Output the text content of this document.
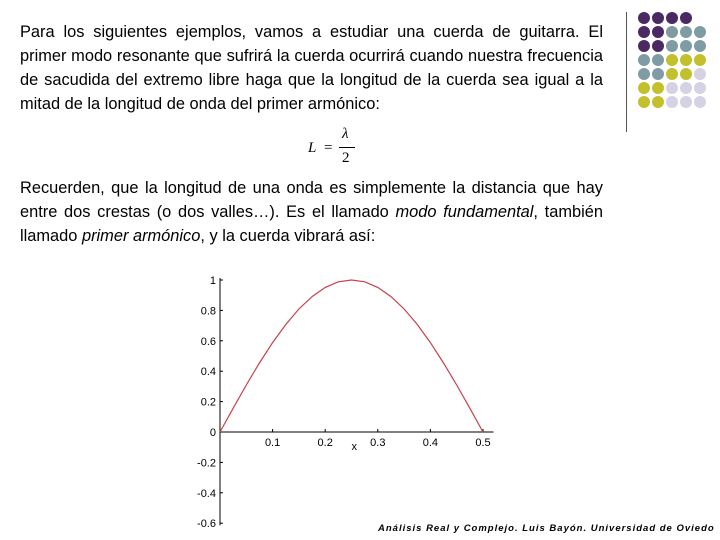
Para los siguientes ejemplos, vamos a estudiar una cuerda de guitarra. El primer modo resonante que sufrirá la cuerda ocurrirá cuando nuestra frecuencia de sacudida del extremo libre haga que la longitud de la cuerda sea igual a la mitad de la longitud de onda del primer armónico:

L =
λ
2

Recuerden, que la longitud de una onda es simplemente la distancia que hay entre dos crestas (o dos valles…). Es el llamado modo fundamental, también llamado primer armónico, y la cuerda vibrará así:

1
0.8
0.6
0.4
0.2
0
-0.2
-0.4
-0.6
0.1	0.2	0.3	0.4	0.5
x
Análisis Real y Complejo. Luis Bayón. Universidad de Oviedo
